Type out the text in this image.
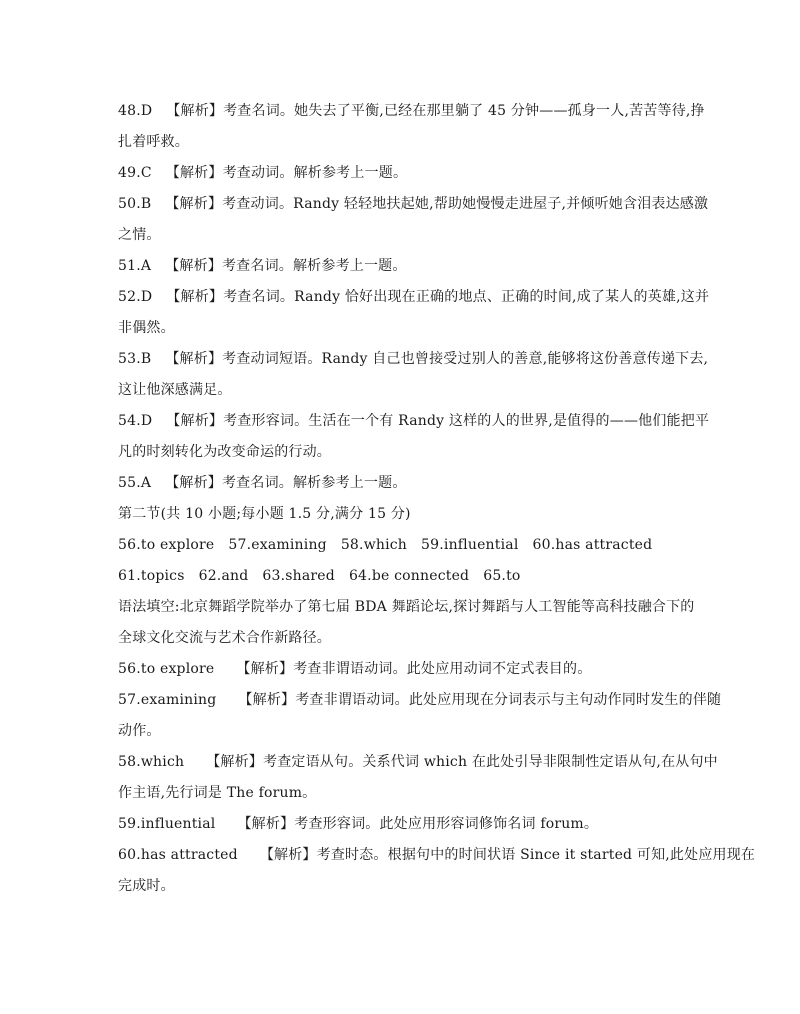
48.D 【解析】考查名词。她失去了平衡,已经在那里躺了 45 分钟——孤身一人,苦苦等待,挣
扎着呼救。
49.C 【解析】考查动词。解析参考上一题。
50.B 【解析】考查动词。Randy 轻轻地扶起她,帮助她慢慢走进屋子,并倾听她含泪表达感激
之情。
51.A 【解析】考查名词。解析参考上一题。
52.D 【解析】考查名词。Randy 恰好出现在正确的地点、正确的时间,成了某人的英雄,这并
非偶然。
53.B 【解析】考查动词短语。Randy 自己也曾接受过别人的善意,能够将这份善意传递下去,
这让他深感满足。
54.D 【解析】考查形容词。生活在一个有 Randy 这样的人的世界,是值得的——他们能把平
凡的时刻转化为改变命运的行动。
55.A 【解析】考查名词。解析参考上一题。
第二节(共 10 小题;每小题 1.5 分,满分 15 分)
56.to explore 57.examining 58.which 59.influential 60.has attracted
61.topics 62.and 63.shared 64.be connected 65.to
语法填空:北京舞蹈学院举办了第七届 BDA 舞蹈论坛,探讨舞蹈与人工智能等高科技融合下的
全球文化交流与艺术合作新路径。
56.to explore 【解析】考查非谓语动词。此处应用动词不定式表目的。
57.examining 【解析】考查非谓语动词。此处应用现在分词表示与主句动作同时发生的伴随
动作。
58.which 【解析】考查定语从句。关系代词 which 在此处引导非限制性定语从句,在从句中
作主语,先行词是 The forum。
59.influential 【解析】考查形容词。此处应用形容词修饰名词 forum。
60.has attracted 【解析】考查时态。根据句中的时间状语 Since it started 可知,此处应用现在
完成时。
